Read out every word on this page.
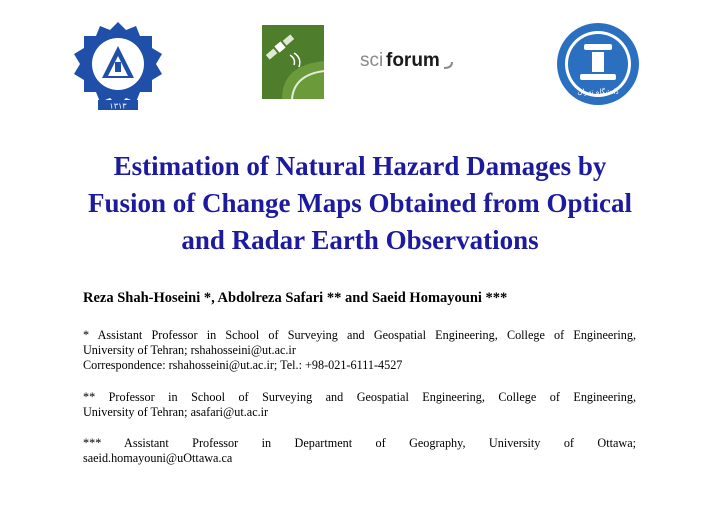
۱۳۱۳
sci forum
دانشگاه تهران
Estimation of Natural Hazard Damages by
Fusion of Change Maps Obtained from Optical
and Radar Earth Observations
Reza Shah-Hoseini *, Abdolreza Safari ** and Saeid Homayouni ***
* Assistant Professor in School of Surveying and Geospatial Engineering, College of Engineering,
University of Tehran; rshahosseini@ut.ac.ir
Correspondence: rshahosseini@ut.ac.ir; Tel.: +98-021-6111-4527
** Professor in School of Surveying and Geospatial Engineering, College of Engineering,
University of Tehran; asafari@ut.ac.ir
*** Assistant Professor in Department of Geography, University of Ottawa;
saeid.homayouni@uOttawa.ca
